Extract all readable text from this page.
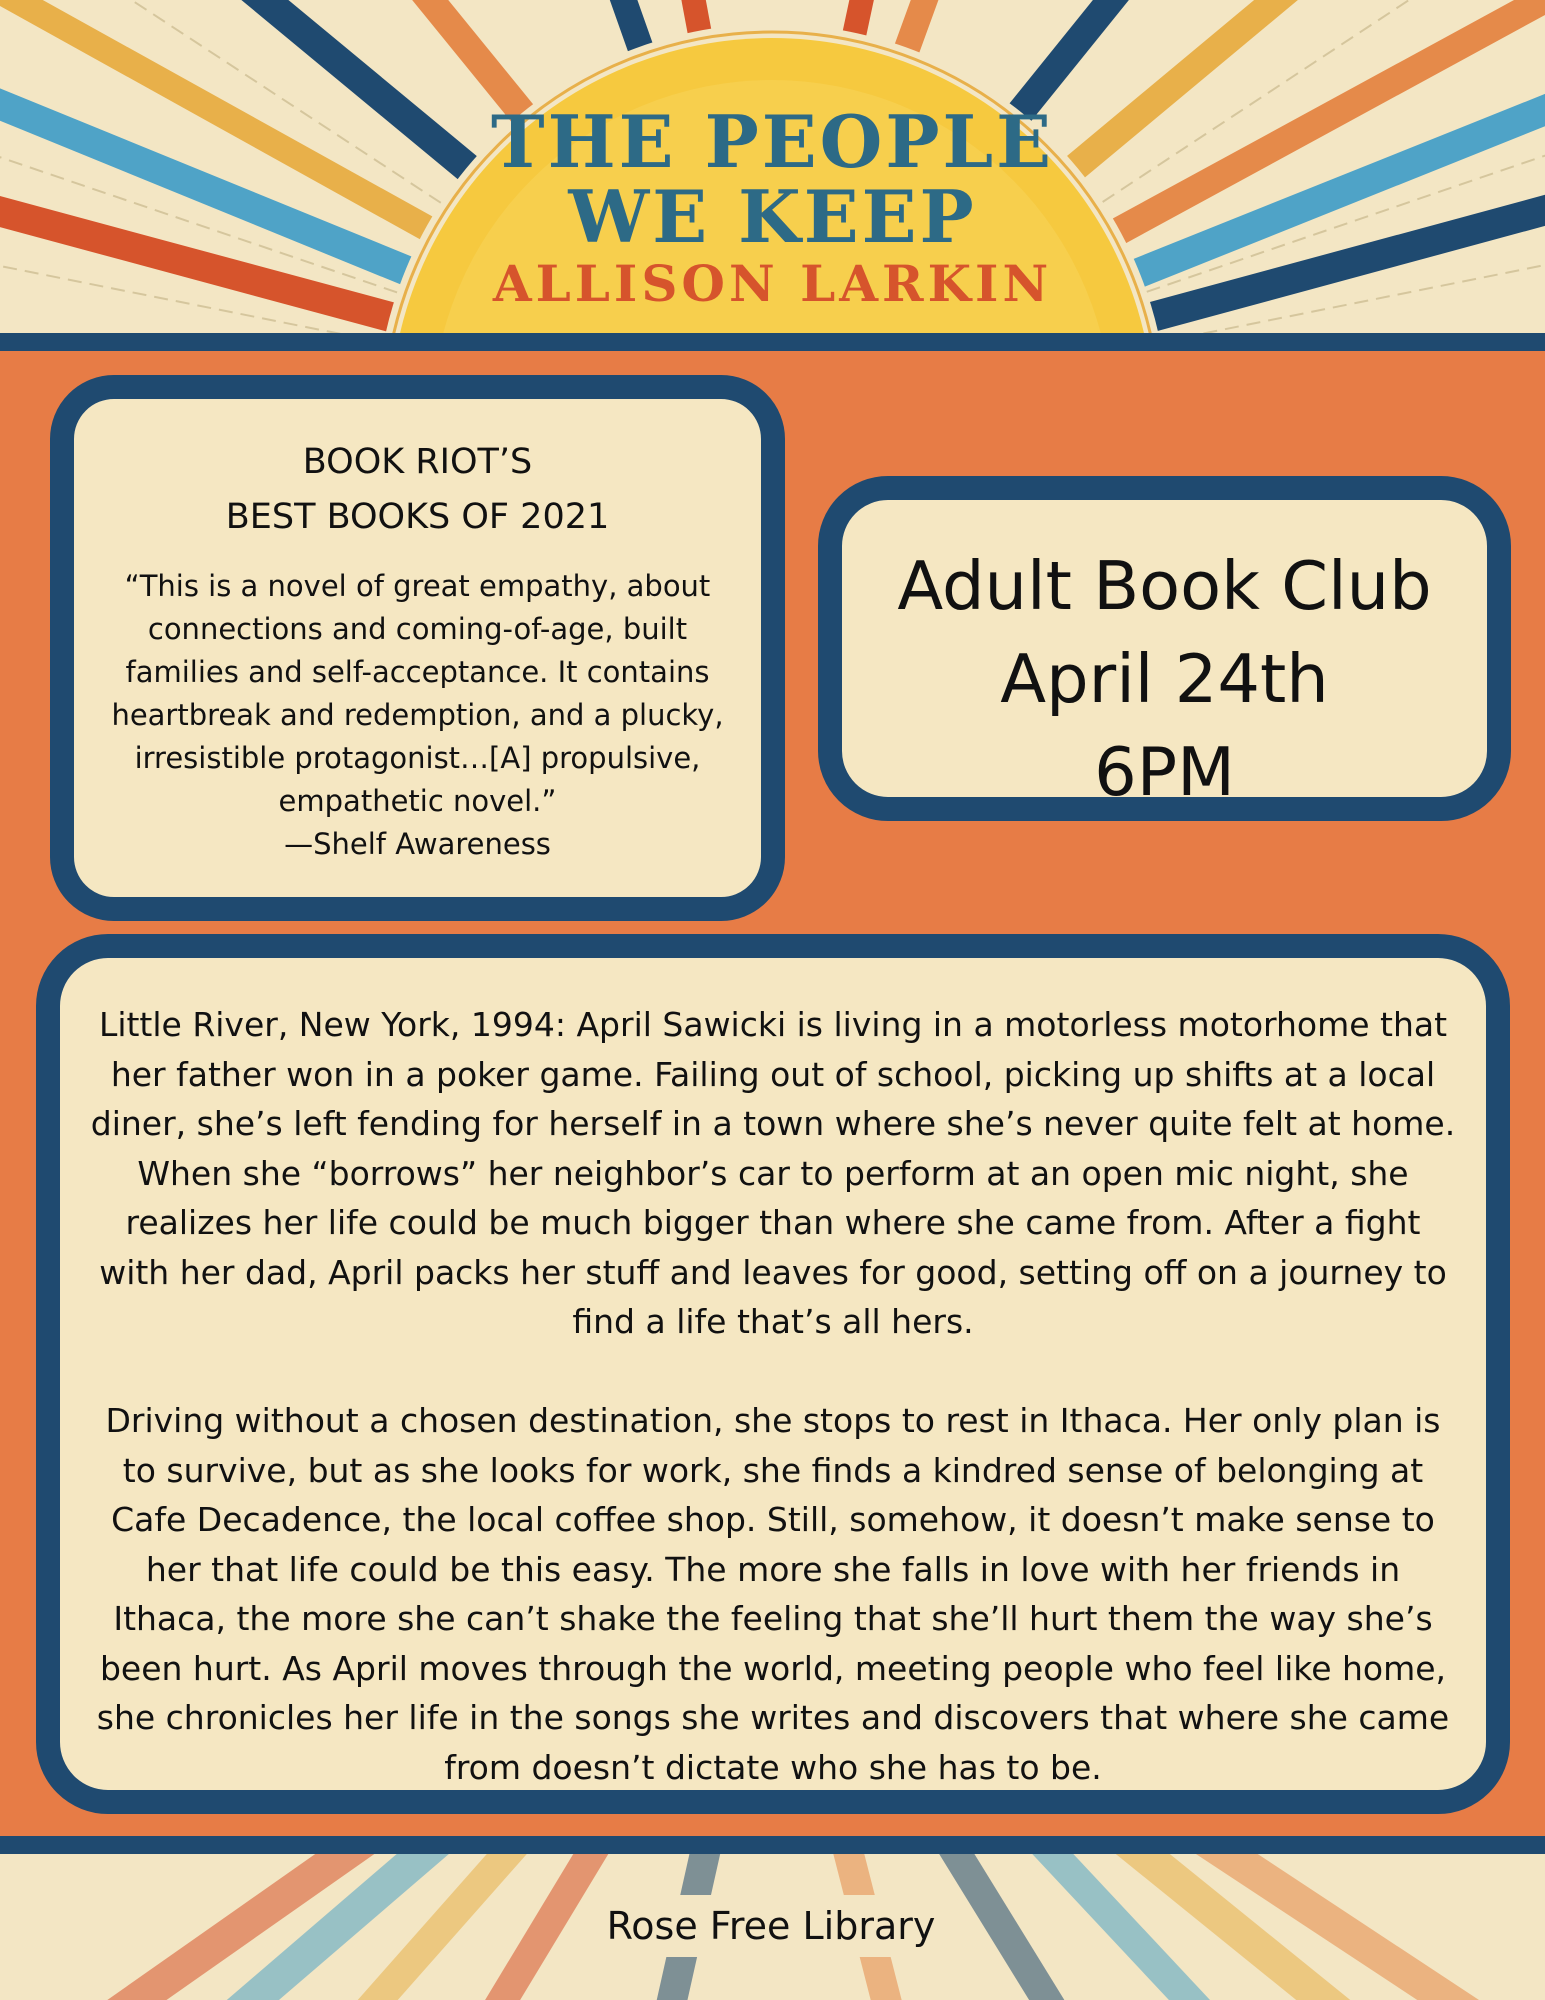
THE PEOPLE

WE KEEP

ALLISON LARKIN

BOOK RIOT’S
BEST BOOKS OF 2021

“This is a novel of great empathy, about connections and coming-of-age, built families and self-acceptance. It contains heartbreak and redemption, and a plucky, irresistible protagonist…[A] propulsive, empathetic novel.”

—Shelf Awareness

Adult Book Club

April 24th

6PM

Little River, New York, 1994: April Sawicki is living in a motorless motorhome that her father won in a poker game. Failing out of school, picking up shifts at a local diner, she’s left fending for herself in a town where she’s never quite felt at home. When she “borrows” her neighbor’s car to perform at an open mic night, she realizes her life could be much bigger than where she came from. After a fight with her dad, April packs her stuff and leaves for good, setting off on a journey to find a life that’s all hers.

Driving without a chosen destination, she stops to rest in Ithaca. Her only plan is to survive, but as she looks for work, she finds a kindred sense of belonging at Cafe Decadence, the local coffee shop. Still, somehow, it doesn’t make sense to her that life could be this easy. The more she falls in love with her friends in Ithaca, the more she can’t shake the feeling that she’ll hurt them the way she’s been hurt. As April moves through the world, meeting people who feel like home, she chronicles her life in the songs she writes and discovers that where she came from doesn’t dictate who she has to be.

Rose Free Library
